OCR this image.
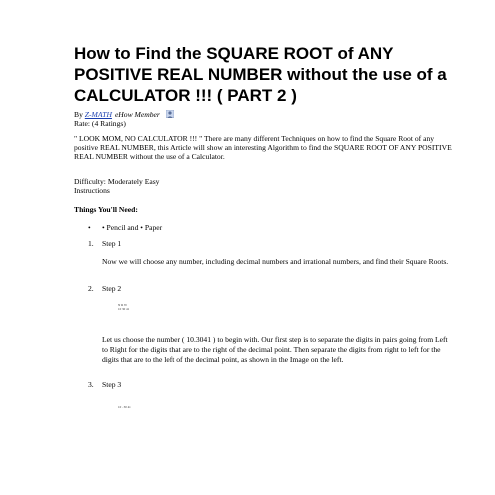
How to Find the SQUARE ROOT of ANY POSITIVE REAL NUMBER without the use of a CALCULATOR !!! ( PART 2 )
By Z-MATH eHow Member
Rate: (4 Ratings)

" LOOK MOM, NO CALCULATOR !!! " There are many different Techniques on how to find the Square Root of any positive REAL NUMBER, this Article will show an interesting Algorithm to find the SQUARE ROOT OF ANY POSITIVE REAL NUMBER without the use of a Calculator.

Difficulty: Moderately Easy
Instructions
Things You'll Need:
• • Pencil and • Paper
1. Step 1

Now we will choose any number, including decimal numbers and irrational numbers, and find their Square Roots.

2. Step 2
N R W
10 30 41

Let us choose the number ( 10.3041 ) to begin with. Our first step is to separate the digits in pairs going from Left to Right for the digits that are to the right of the decimal point. Then separate the digits from right to left for the digits that are to the left of the decimal point, as shown in the Image on the left.

3. Step 3
10 . 30 41
